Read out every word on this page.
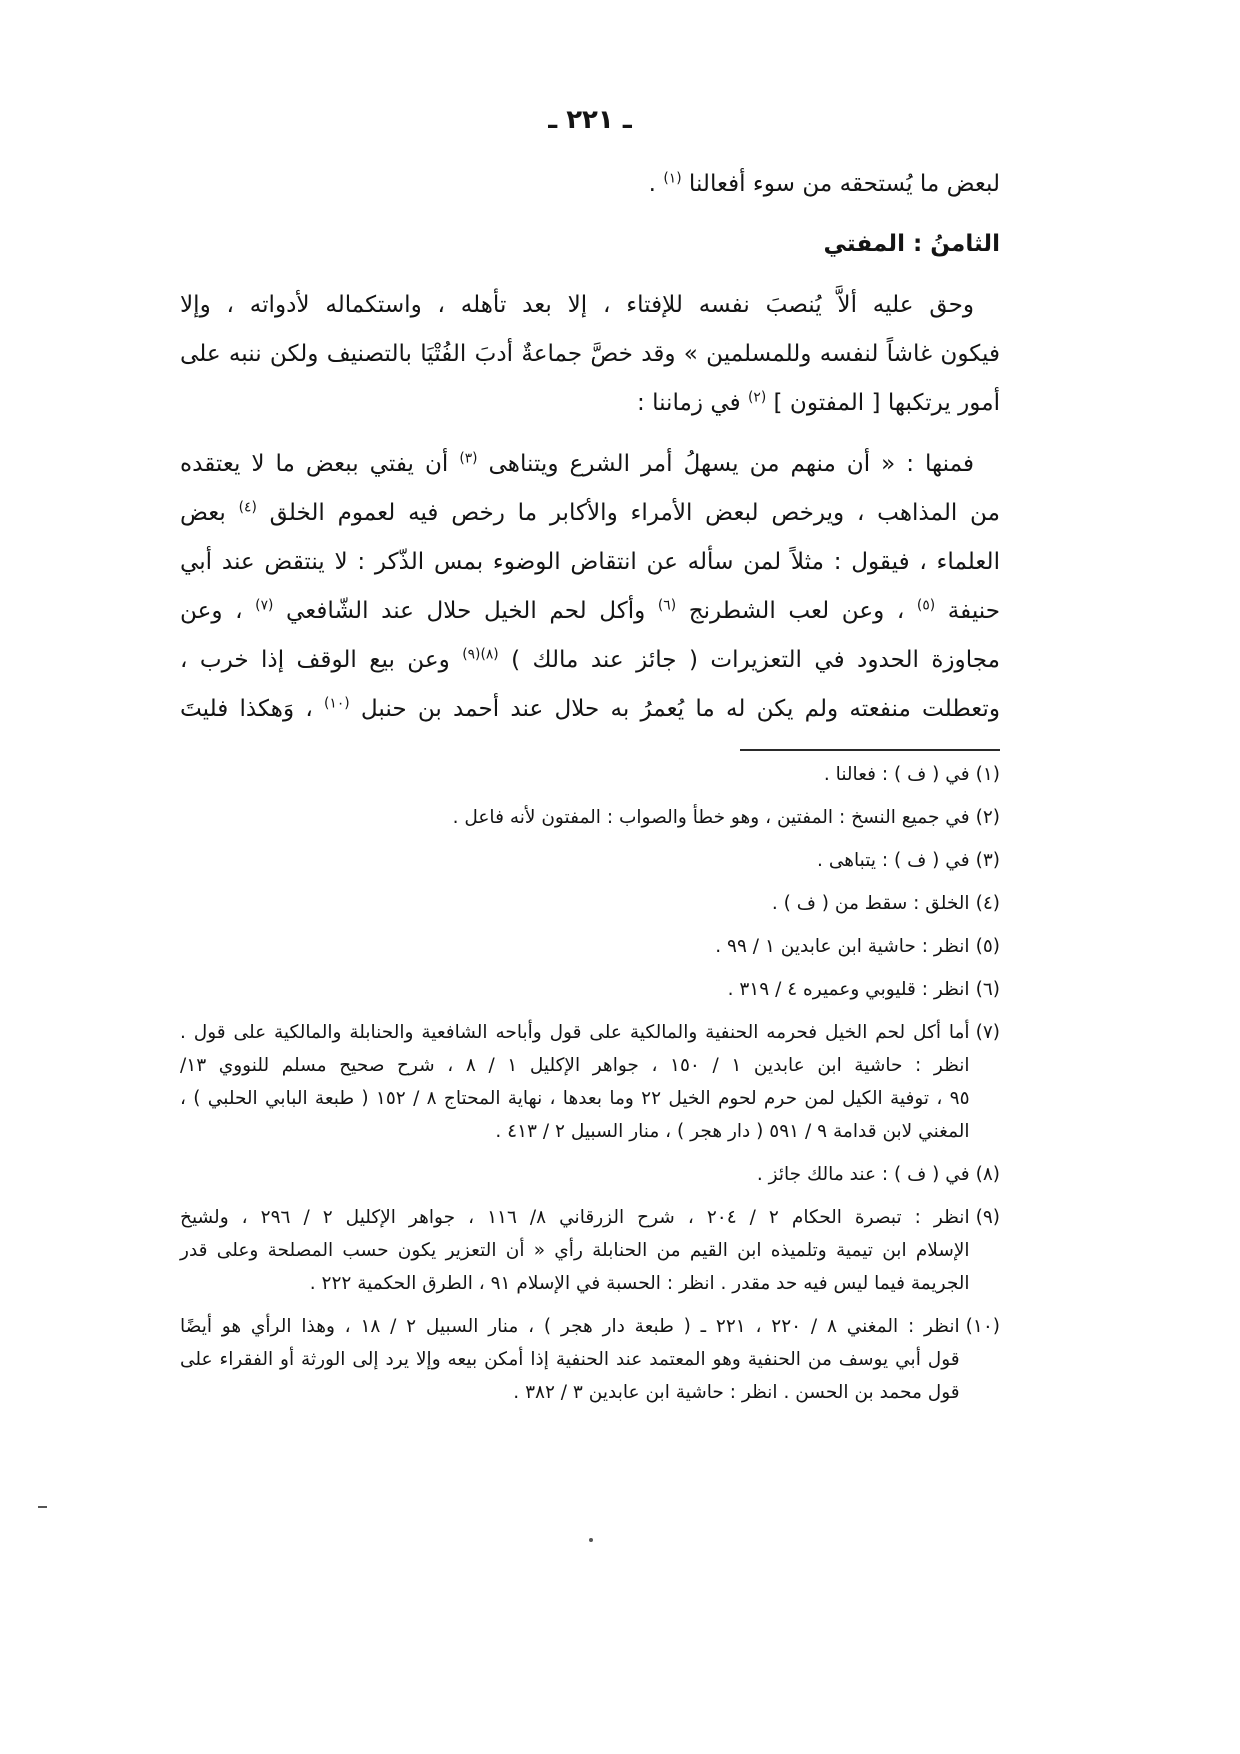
ـ ٢٢١ ـ
لبعض ما يُستحقه من سوء أفعالنا $^{(١)}$ .
الثامنُ : المفتي
وحق عليه ألاَّ يُنصبَ نفسه للإفتاء ، إلا بعد تأهله ، واستكماله لأدواته ، وإلا
فيكون غاشاً لنفسه وللمسلمين » وقد خصَّ جماعةٌ أدبَ الفُتْيَا بالتصنيف ولكن ننبه على
أمور يرتكبها [ المفتون ] $^{(٢)}$ في زماننا :
فمنها : « أن منهم من يسهلُ أمر الشرع ويتناهى $^{(٣)}$ أن يفتي ببعض ما لا يعتقده
من المذاهب ، ويرخص لبعض الأمراء والأكابر ما رخص فيه لعموم الخلق $^{(٤)}$ بعض
العلماء ، فيقول : مثلاً لمن سأله عن انتقاض الوضوء بمس الذّكر : لا ينتقض عند أبي
حنيفة $^{(٥)}$ ، وعن لعب الشطرنج $^{(٦)}$ وأكل لحم الخيل حلال عند الشّافعي $^{(٧)}$ ، وعن
مجاوزة الحدود في التعزيرات ( جائز عند مالك ) $^{(٨)(٩)}$ وعن بيع الوقف إذا خرب ،
وتعطلت منفعته ولم يكن له ما يُعمرُ به حلال عند أحمد بن حنبل $^{(١٠)}$ ، وَهكذا فليتَ
(١)
في ( ف ) : فعالنا .
(٢)
في جميع النسخ : المفتين ، وهو خطأ والصواب : المفتون لأنه فاعل .
(٣)
في ( ف ) : يتباهى .
(٤)
الخلق : سقط من ( ف ) .
(٥)
انظر : حاشية ابن عابدين ١ / ٩٩ .
(٦)
انظر : قليوبي وعميره ٤ / ٣١٩ .
(٧)
أما أكل لحم الخيل فحرمه الحنفية والمالكية على قول وأباحه الشافعية والحنابلة والمالكية على قول .
انظر : حاشية ابن عابدين ١ / ١٥٠ ، جواهر الإكليل ١ / ٨ ، شرح صحيح مسلم للنووي ١٣/
٩٥ ، توفية الكيل لمن حرم لحوم الخيل ٢٢ وما بعدها ، نهاية المحتاج ٨ / ١٥٢ ( طبعة البابي الحلبي ) ،
المغني لابن قدامة ٩ / ٥٩١ ( دار هجر ) ، منار السبيل ٢ / ٤١٣ .
(٨)
في ( ف ) : عند مالك جائز .
(٩)
انظر : تبصرة الحكام ٢ / ٢٠٤ ، شرح الزرقاني ٨/ ١١٦ ، جواهر الإكليل ٢ / ٢٩٦ ، ولشيخ
الإسلام ابن تيمية وتلميذه ابن القيم من الحنابلة رأي « أن التعزير يكون حسب المصلحة وعلى قدر
الجريمة فيما ليس فيه حد مقدر . انظر : الحسبة في الإسلام ٩١ ، الطرق الحكمية ٢٢٢ .
(١٠)
انظر : المغني ٨ / ٢٢٠ ، ٢٢١ ـ ( طبعة دار هجر ) ، منار السبيل ٢ / ١٨ ، وهذا الرأي هو أيضًا
قول أبي يوسف من الحنفية وهو المعتمد عند الحنفية إذا أمكن بيعه وإلا يرد إلى الورثة أو الفقراء على
قول محمد بن الحسن . انظر : حاشية ابن عابدين ٣ / ٣٨٢ .
